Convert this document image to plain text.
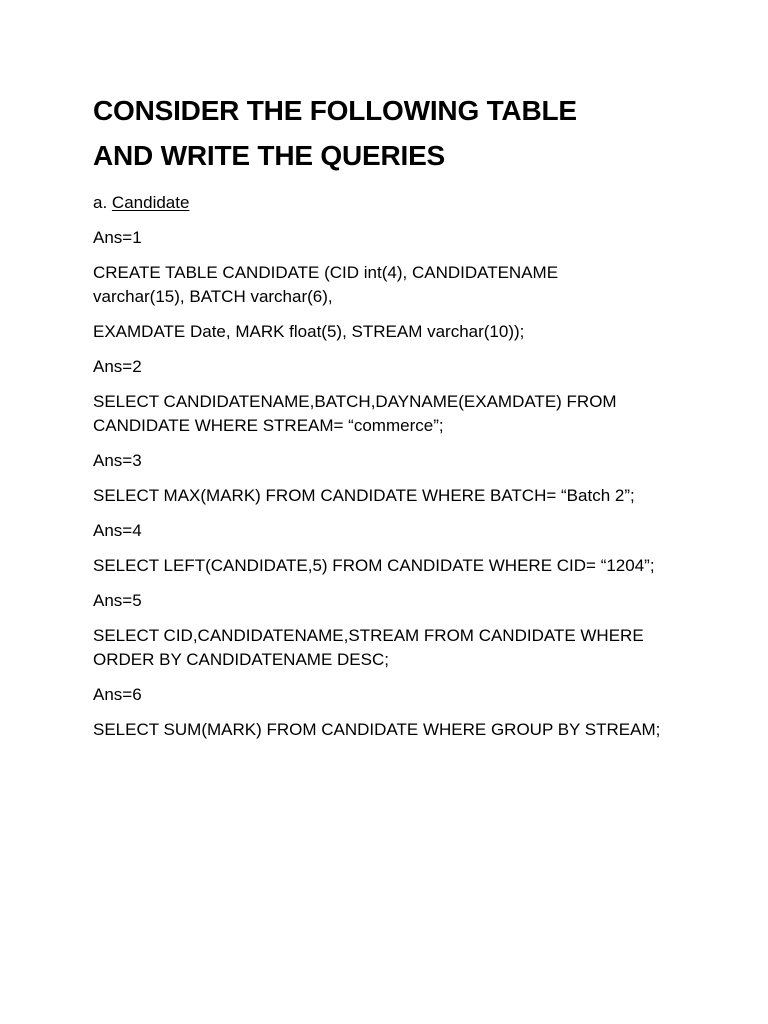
CONSIDER THE FOLLOWING TABLE
AND WRITE THE QUERIES

a. Candidate

Ans=1

CREATE TABLE CANDIDATE (CID int(4), CANDIDATENAME
varchar(15), BATCH varchar(6),

EXAMDATE Date, MARK float(5), STREAM varchar(10));

Ans=2

SELECT CANDIDATENAME,BATCH,DAYNAME(EXAMDATE) FROM
CANDIDATE WHERE STREAM= “commerce”;

Ans=3

SELECT MAX(MARK) FROM CANDIDATE WHERE BATCH= “Batch 2”;

Ans=4

SELECT LEFT(CANDIDATE,5) FROM CANDIDATE WHERE CID= “1204”;

Ans=5

SELECT CID,CANDIDATENAME,STREAM FROM CANDIDATE WHERE
ORDER BY CANDIDATENAME DESC;

Ans=6

SELECT SUM(MARK) FROM CANDIDATE WHERE GROUP BY STREAM;
